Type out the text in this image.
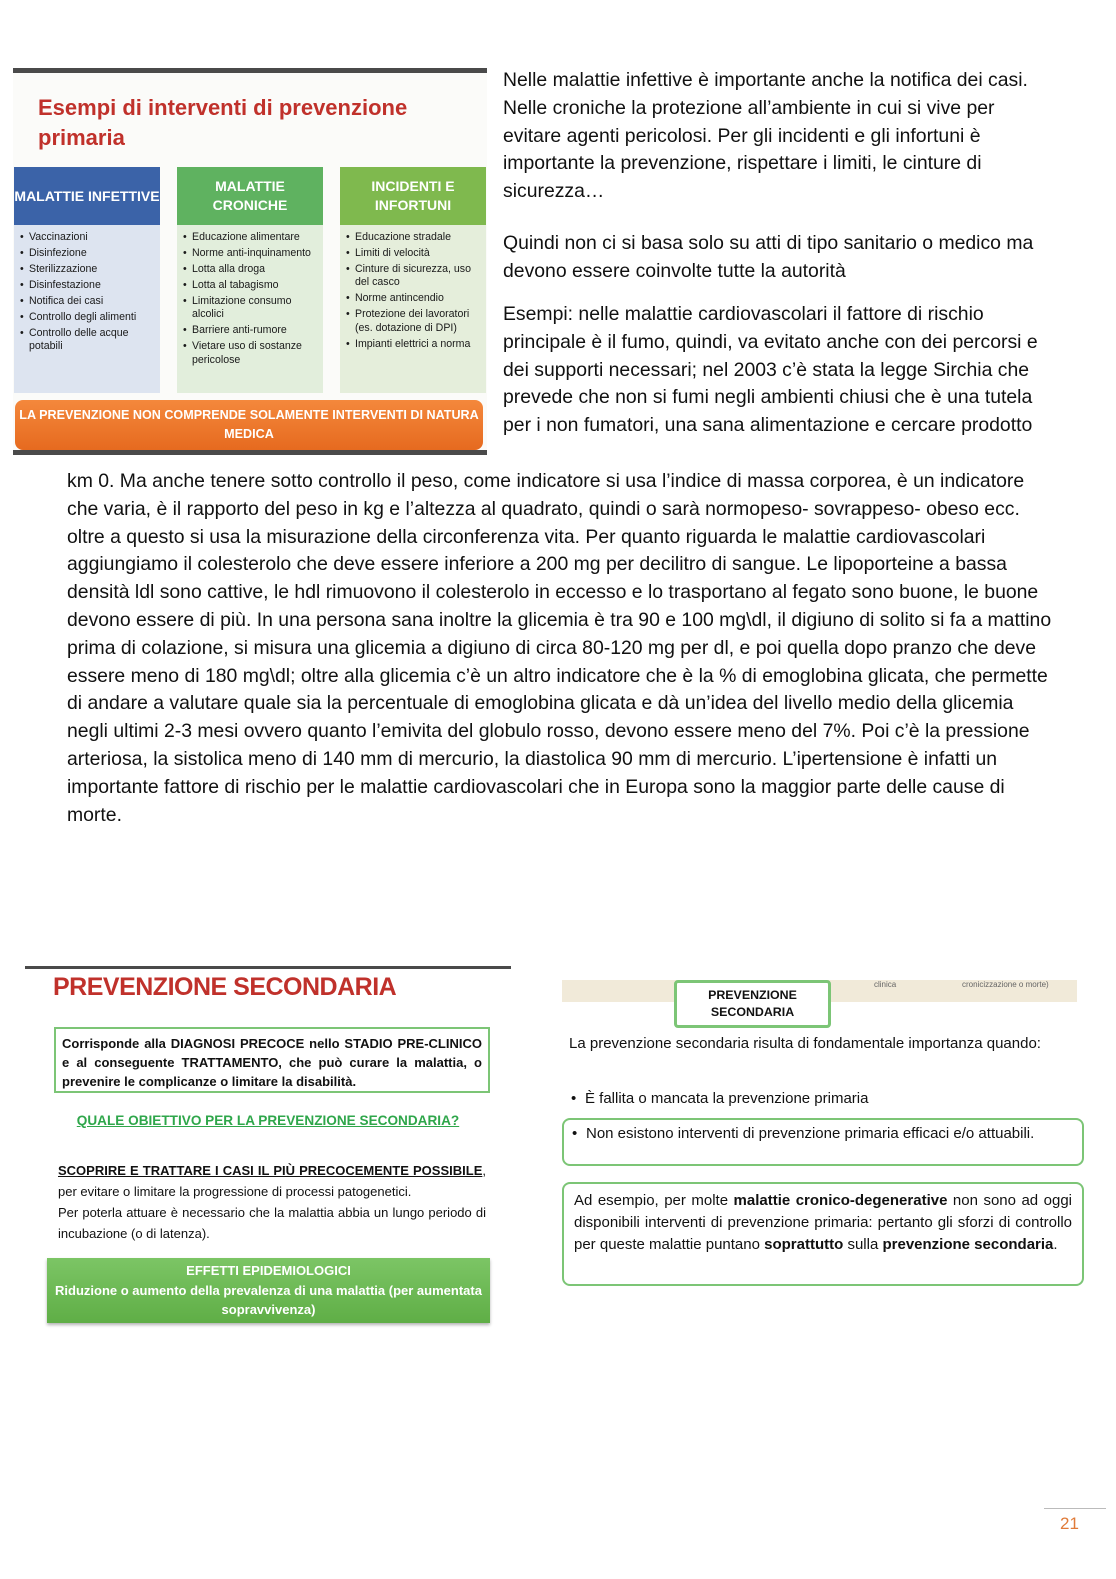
Esempi di interventi di prevenzione primaria
MALATTIE INFETTIVE
• Vaccinazioni
• Disinfezione
• Sterilizzazione
• Disinfestazione
• Notifica dei casi
• Controllo degli alimenti
• Controllo delle acque potabili
MALATTIE CRONICHE
• Educazione alimentare
• Norme anti-inquinamento
• Lotta alla droga
• Lotta al tabagismo
• Limitazione consumo alcolici
• Barriere anti-rumore
• Vietare uso di sostanze pericolose
INCIDENTI E INFORTUNI
• Educazione stradale
• Limiti di velocità
• Cinture di sicurezza, uso del casco
• Norme antincendio
• Protezione dei lavoratori (es. dotazione di DPI)
• Impianti elettrici a norma
LA PREVENZIONE NON COMPRENDE SOLAMENTE INTERVENTI DI NATURA MEDICA

Nelle malattie infettive è importante anche la notifica dei casi. Nelle croniche la protezione all’ambiente in cui si vive per evitare agenti pericolosi. Per gli incidenti e gli infortuni è importante la prevenzione, rispettare i limiti, le cinture di sicurezza…

Quindi non ci si basa solo su atti di tipo sanitario o medico ma devono essere coinvolte tutte la autorità

Esempi: nelle malattie cardiovascolari il fattore di rischio principale è il fumo, quindi, va evitato anche con dei percorsi e dei supporti necessari; nel 2003 c’è stata la legge Sirchia che prevede che non si fumi negli ambienti chiusi che è una tutela per i non fumatori, una sana alimentazione e cercare prodotto

km 0. Ma anche tenere sotto controllo il peso, come indicatore si usa l’indice di massa corporea, è un indicatore che varia, è il rapporto del peso in kg e l’altezza al quadrato, quindi o sarà normopeso- sovrappeso- obeso ecc. oltre a questo si usa la misurazione della circonferenza vita. Per quanto riguarda le malattie cardiovascolari aggiungiamo il colesterolo che deve essere inferiore a 200 mg per decilitro di sangue. Le lipoporteine a bassa densità ldl sono cattive, le hdl rimuovono il colesterolo in eccesso e lo trasportano al fegato sono buone, le buone devono essere di più. In una persona sana inoltre la glicemia è tra 90 e 100 mg\dl, il digiuno di solito si fa a mattino prima di colazione, si misura una glicemia a digiuno di circa 80-120 mg per dl, e poi quella dopo pranzo che deve essere meno di 180 mg\dl; oltre alla glicemia c’è un altro indicatore che è la % di emoglobina glicata, che permette di andare a valutare quale sia la percentuale di emoglobina glicata e dà un’idea del livello medio della glicemia negli ultimi 2-3 mesi ovvero quanto l’emivita del globulo rosso, devono essere meno del 7%. Poi c’è la pressione arteriosa, la sistolica meno di 140 mm di mercurio, la diastolica 90 mm di mercurio. L’ipertensione è infatti un importante fattore di rischio per le malattie cardiovascolari che in Europa sono la maggior parte delle cause di morte.

PREVENZIONE SECONDARIA
Corrisponde alla DIAGNOSI PRECOCE nello STADIO PRE-CLINICO e al conseguente TRATTAMENTO, che può curare la malattia, o prevenire le complicanze o limitare la disabilità.
QUALE OBIETTIVO PER LA PREVENZIONE SECONDARIA?
SCOPRIRE E TRATTARE I CASI IL PIÙ PRECOCEMENTE POSSIBILE, per evitare o limitare la progressione di processi patogenetici.
Per poterla attuare è necessario che la malattia abbia un lungo periodo di incubazione (o di latenza).
EFFETTI EPIDEMIOLOGICI
Riduzione o aumento della prevalenza di una malattia (per aumentata sopravvivenza)
clinica	cronicizzazione o morte)
PREVENZIONE SECONDARIA
La prevenzione secondaria risulta di fondamentale importanza quando:
• È fallita o mancata la prevenzione primaria
• Non esistono interventi di prevenzione primaria efficaci e/o attuabili.
Ad esempio, per molte malattie cronico-degenerative non sono ad oggi disponibili interventi di prevenzione primaria: pertanto gli sforzi di controllo per queste malattie puntano soprattutto sulla prevenzione secondaria.
21
